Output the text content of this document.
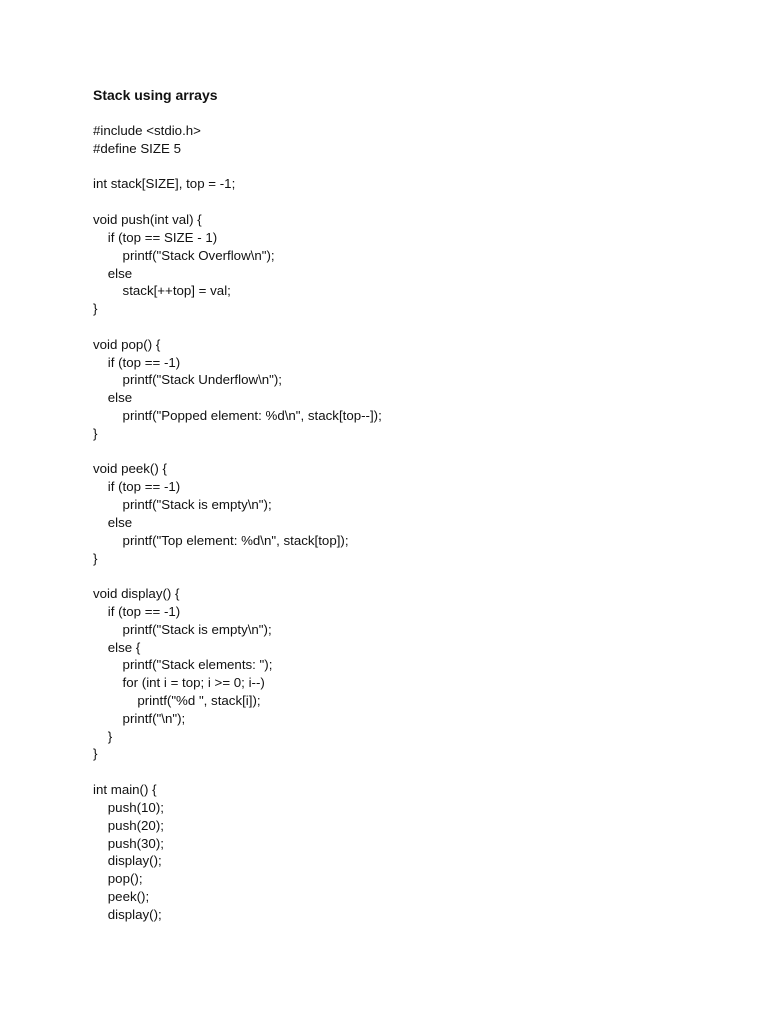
Stack using arrays
#include <stdio.h>
#define SIZE 5
int stack[SIZE], top = -1;
void push(int val) {
if (top == SIZE - 1)
printf("Stack Overflow\n");
else
stack[++top] = val;
}
void pop() {
if (top == -1)
printf("Stack Underflow\n");
else
printf("Popped element: %d\n", stack[top--]);
}
void peek() {
if (top == -1)
printf("Stack is empty\n");
else
printf("Top element: %d\n", stack[top]);
}
void display() {
if (top == -1)
printf("Stack is empty\n");
else {
printf("Stack elements: ");
for (int i = top; i >= 0; i--)
printf("%d ", stack[i]);
printf("\n");
}
}
int main() {
push(10);
push(20);
push(30);
display();
pop();
peek();
display();
